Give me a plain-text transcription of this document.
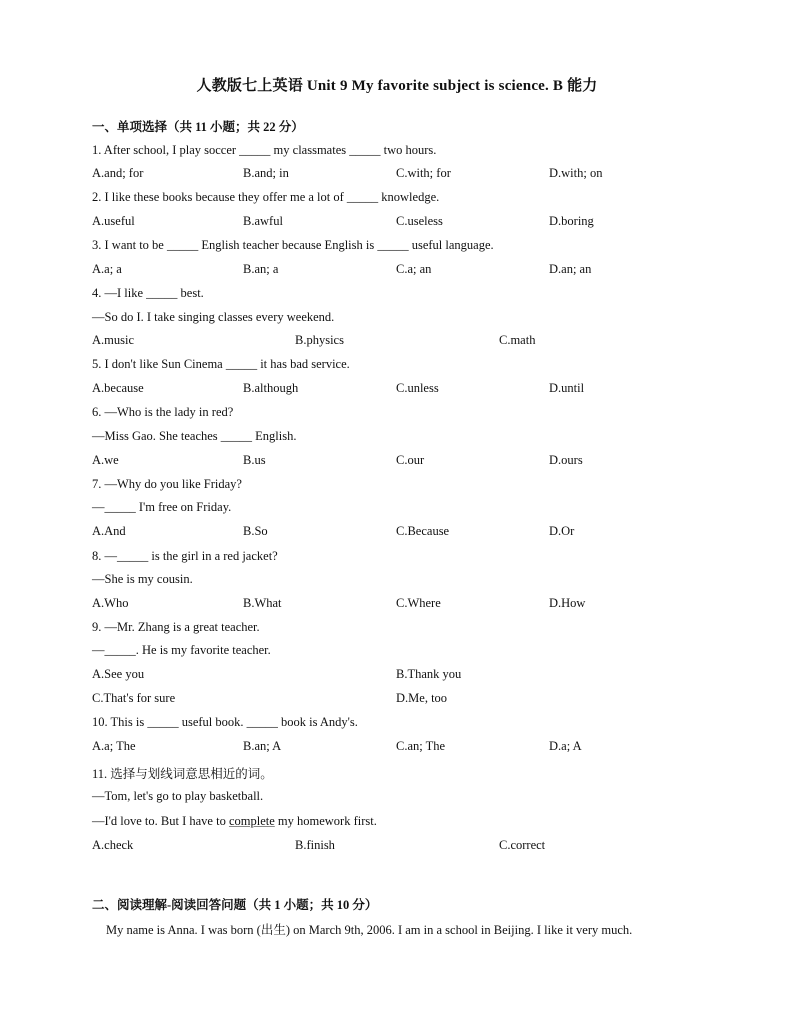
人教版七上英语 Unit 9 My favorite subject is science. B 能力
一、单项选择（共 11 小题；共 22 分）
1. After school, I play soccer _____ my classmates _____ two hours.
A.and; for	B.and; in	C.with; for	D.with; on
2. I like these books because they offer me a lot of _____ knowledge.
A.useful	B.awful	C.useless	D.boring
3. I want to be _____ English teacher because English is _____ useful language.
A.a; a	B.an; a	C.a; an	D.an; an
4. —I like _____ best.
—So do I. I take singing classes every weekend.
A.music	B.physics	C.math
5. I don't like Sun Cinema _____ it has bad service.
A.because	B.although	C.unless	D.until
6. —Who is the lady in red?
—Miss Gao. She teaches _____ English.
A.we	B.us	C.our	D.ours
7. —Why do you like Friday?
—_____ I'm free on Friday.
A.And	B.So	C.Because	D.Or
8. —_____ is the girl in a red jacket?
—She is my cousin.
A.Who	B.What	C.Where	D.How
9. —Mr. Zhang is a great teacher.
—_____. He is my favorite teacher.
A.See you	B.Thank you
C.That's for sure	D.Me, too
10. This is _____ useful book. _____ book is Andy's.
A.a; The	B.an; A	C.an; The	D.a; A
11. 选择与划线词意思相近的词。
—Tom, let's go to play basketball.
—I'd love to. But I have to complete my homework first.
A.check	B.finish	C.correct
二、阅读理解-阅读回答问题（共 1 小题；共 10 分）
My name is Anna. I was born (出生) on March 9th, 2006. I am in a school in Beijing. I like it very much.
